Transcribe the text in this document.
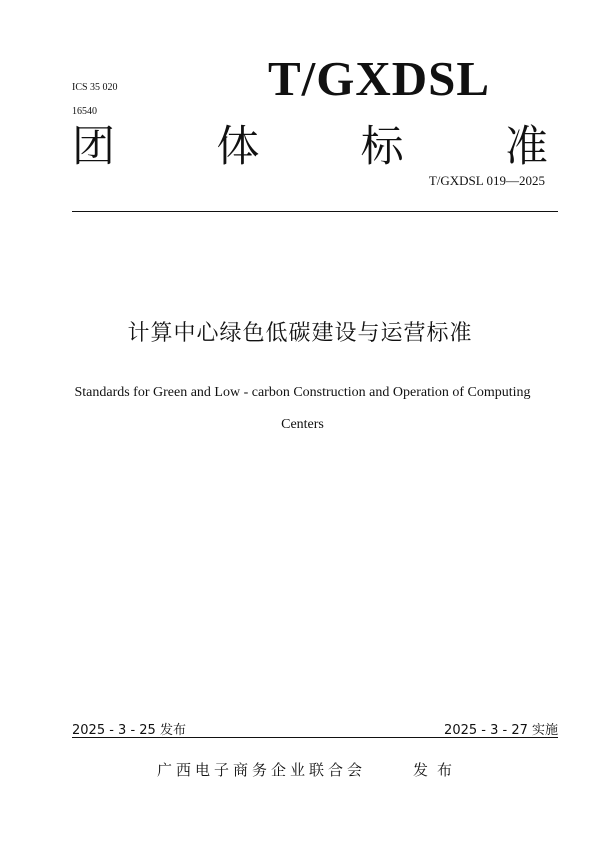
ICS 35 020
16540
T/GXDSL
团 体 标 准
T/GXDSL 019—2025
计算中心绿色低碳建设与运营标准
Standards for Green and Low - carbon Construction and Operation of Computing
Centers
2025 - 3 - 25 发布	2025 - 3 - 27 实施
广西电子商务企业联合会	发布
